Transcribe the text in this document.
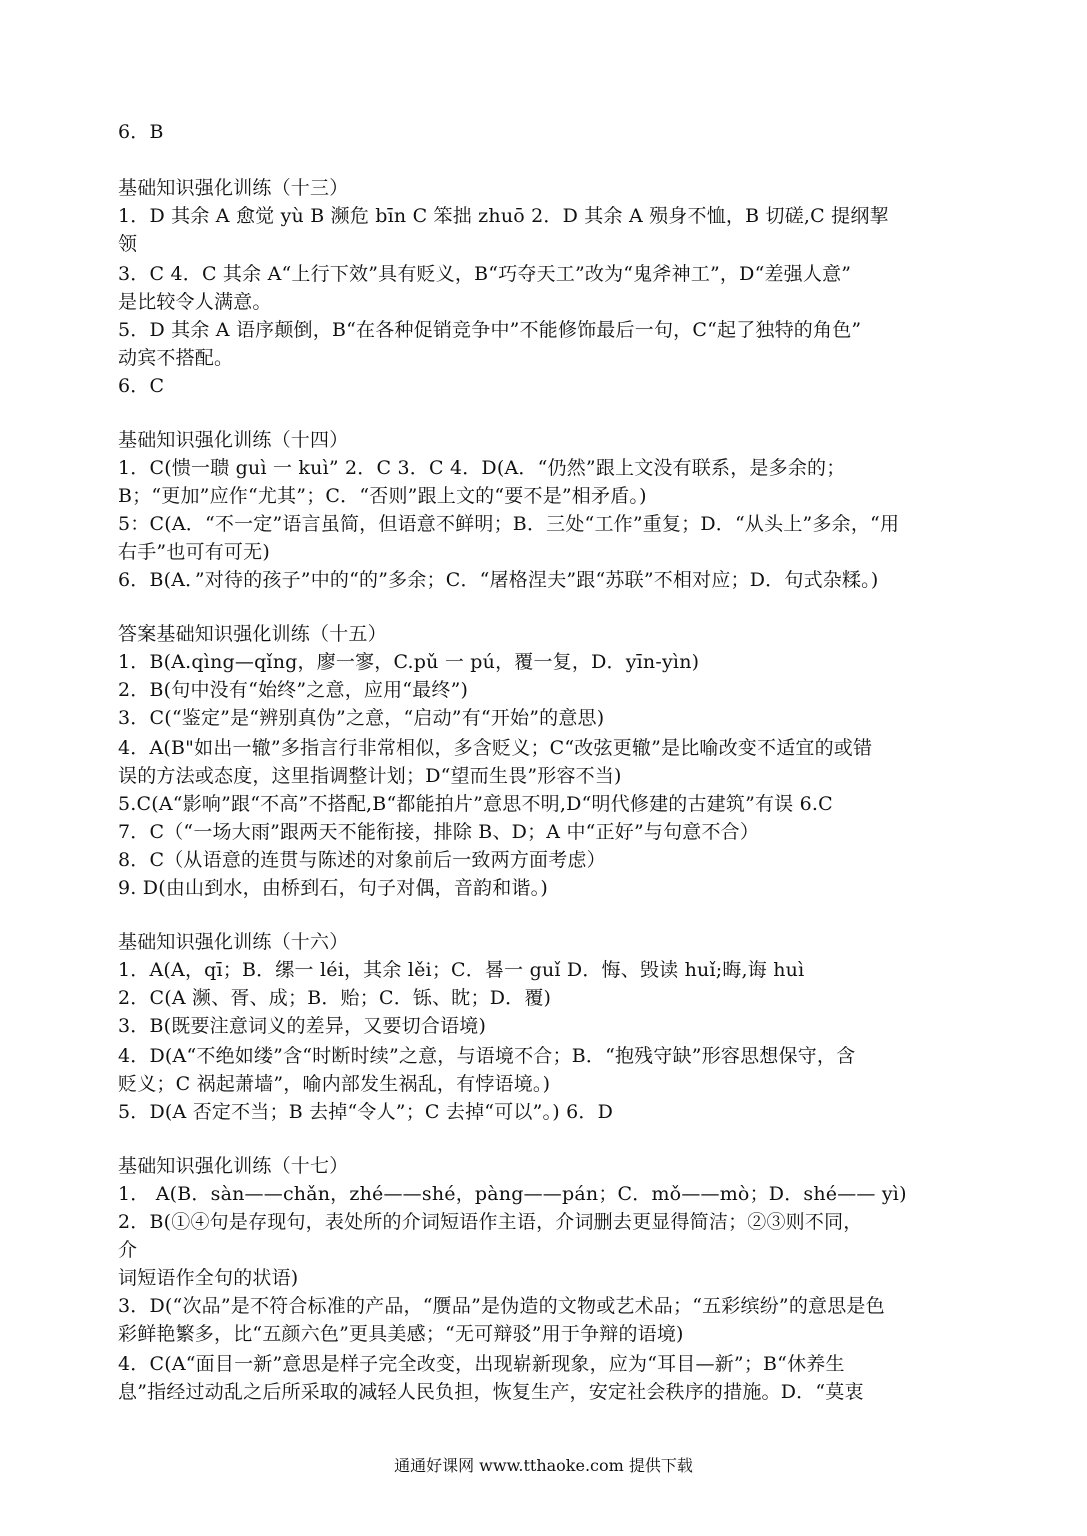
6．B
基础知识强化训练（十三）
1．D 其余 A 愈觉 yù B 濒危 bīn C 笨拙 zhuō 2．D 其余 A 殒身不恤，B 切磋,C 提纲挈
领
3．C 4．C 其余 A“上行下效”具有贬义，B“巧夺天工”改为“鬼斧神工”，D“差强人意”
是比较令人满意。
5．D 其余 A 语序颠倒，B“在各种促销竞争中”不能修饰最后一句，C“起了独特的角色”
动宾不搭配。
6．C
基础知识强化训练（十四）
1．C(愦一聩 guì 一 kuì” 2．C 3．C 4．D(A．“仍然”跟上文没有联系，是多余的；
B；“更加”应作“尤其”；C．“否则”跟上文的“要不是”相矛盾。)
5：C(A．“不一定”语言虽简，但语意不鲜明；B．三处“工作”重复；D．“从头上”多余，“用
右手”也可有可无)
6．B(A．”对待的孩子”中的“的”多余；C．“屠格涅夫”跟“苏联”不相对应；D．句式杂糅。)
答案基础知识强化训练（十五）
1．B(A.qìng—qǐng，廖一寥，C.pǔ 一 pú，覆一复，D．yīn-yìn)
2．B(句中没有“始终”之意，应用“最终”)
3．C(“鉴定”是“辨别真伪”之意，“启动”有“开始”的意思)
4．A(B"如出一辙”多指言行非常相似，多含贬义；C“改弦更辙”是比喻改变不适宜的或错
误的方法或态度，这里指调整计划；D“望而生畏”形容不当)
5.C(A“影响”跟“不高”不搭配,B“都能拍片”意思不明,D“明代修建的古建筑”有误 6.C
7．C（“一场大雨”跟两天不能衔接，排除 B、D；A 中“正好”与句意不合）
8．C（从语意的连贯与陈述的对象前后一致两方面考虑）
9. D(由山到水，由桥到石，句子对偶，音韵和谐。)
基础知识强化训练（十六）
1．A(A，qī；B．缧一 léi，其余 lěi；C．晷一 guǐ D．悔、毁读 huǐ;晦,诲 huì
2．C(A 濒、胥、成；B．贻；C．铄、眈；D．覆)
3．B(既要注意词义的差异，又要切合语境)
4．D(A“不绝如缕”含“时断时续”之意，与语境不合；B．“抱残守缺”形容思想保守，含
贬义；C 祸起萧墙”，喻内部发生祸乱，有悖语境。)
5．D(A 否定不当；B 去掉“令人”；C 去掉“可以”。) 6．D
基础知识强化训练（十七）
1． A(B．sàn——chǎn，zhé——shé，pàng——pán；C．mǒ——mò；D．shé—— yì)
2．B(①④句是存现句，表处所的介词短语作主语，介词删去更显得简洁；②③则不同，
介
词短语作全句的状语)
3．D(“次品”是不符合标准的产品，“赝品”是伪造的文物或艺术品；“五彩缤纷”的意思是色
彩鲜艳繁多，比“五颜六色”更具美感；“无可辩驳”用于争辩的语境)
4．C(A“面目一新”意思是样子完全改变，出现崭新现象，应为“耳目—新”；B“休养生
息”指经过动乱之后所采取的减轻人民负担，恢复生产，安定社会秩序的措施。D．“莫衷
通通好课网 www.tthaoke.com 提供下载
